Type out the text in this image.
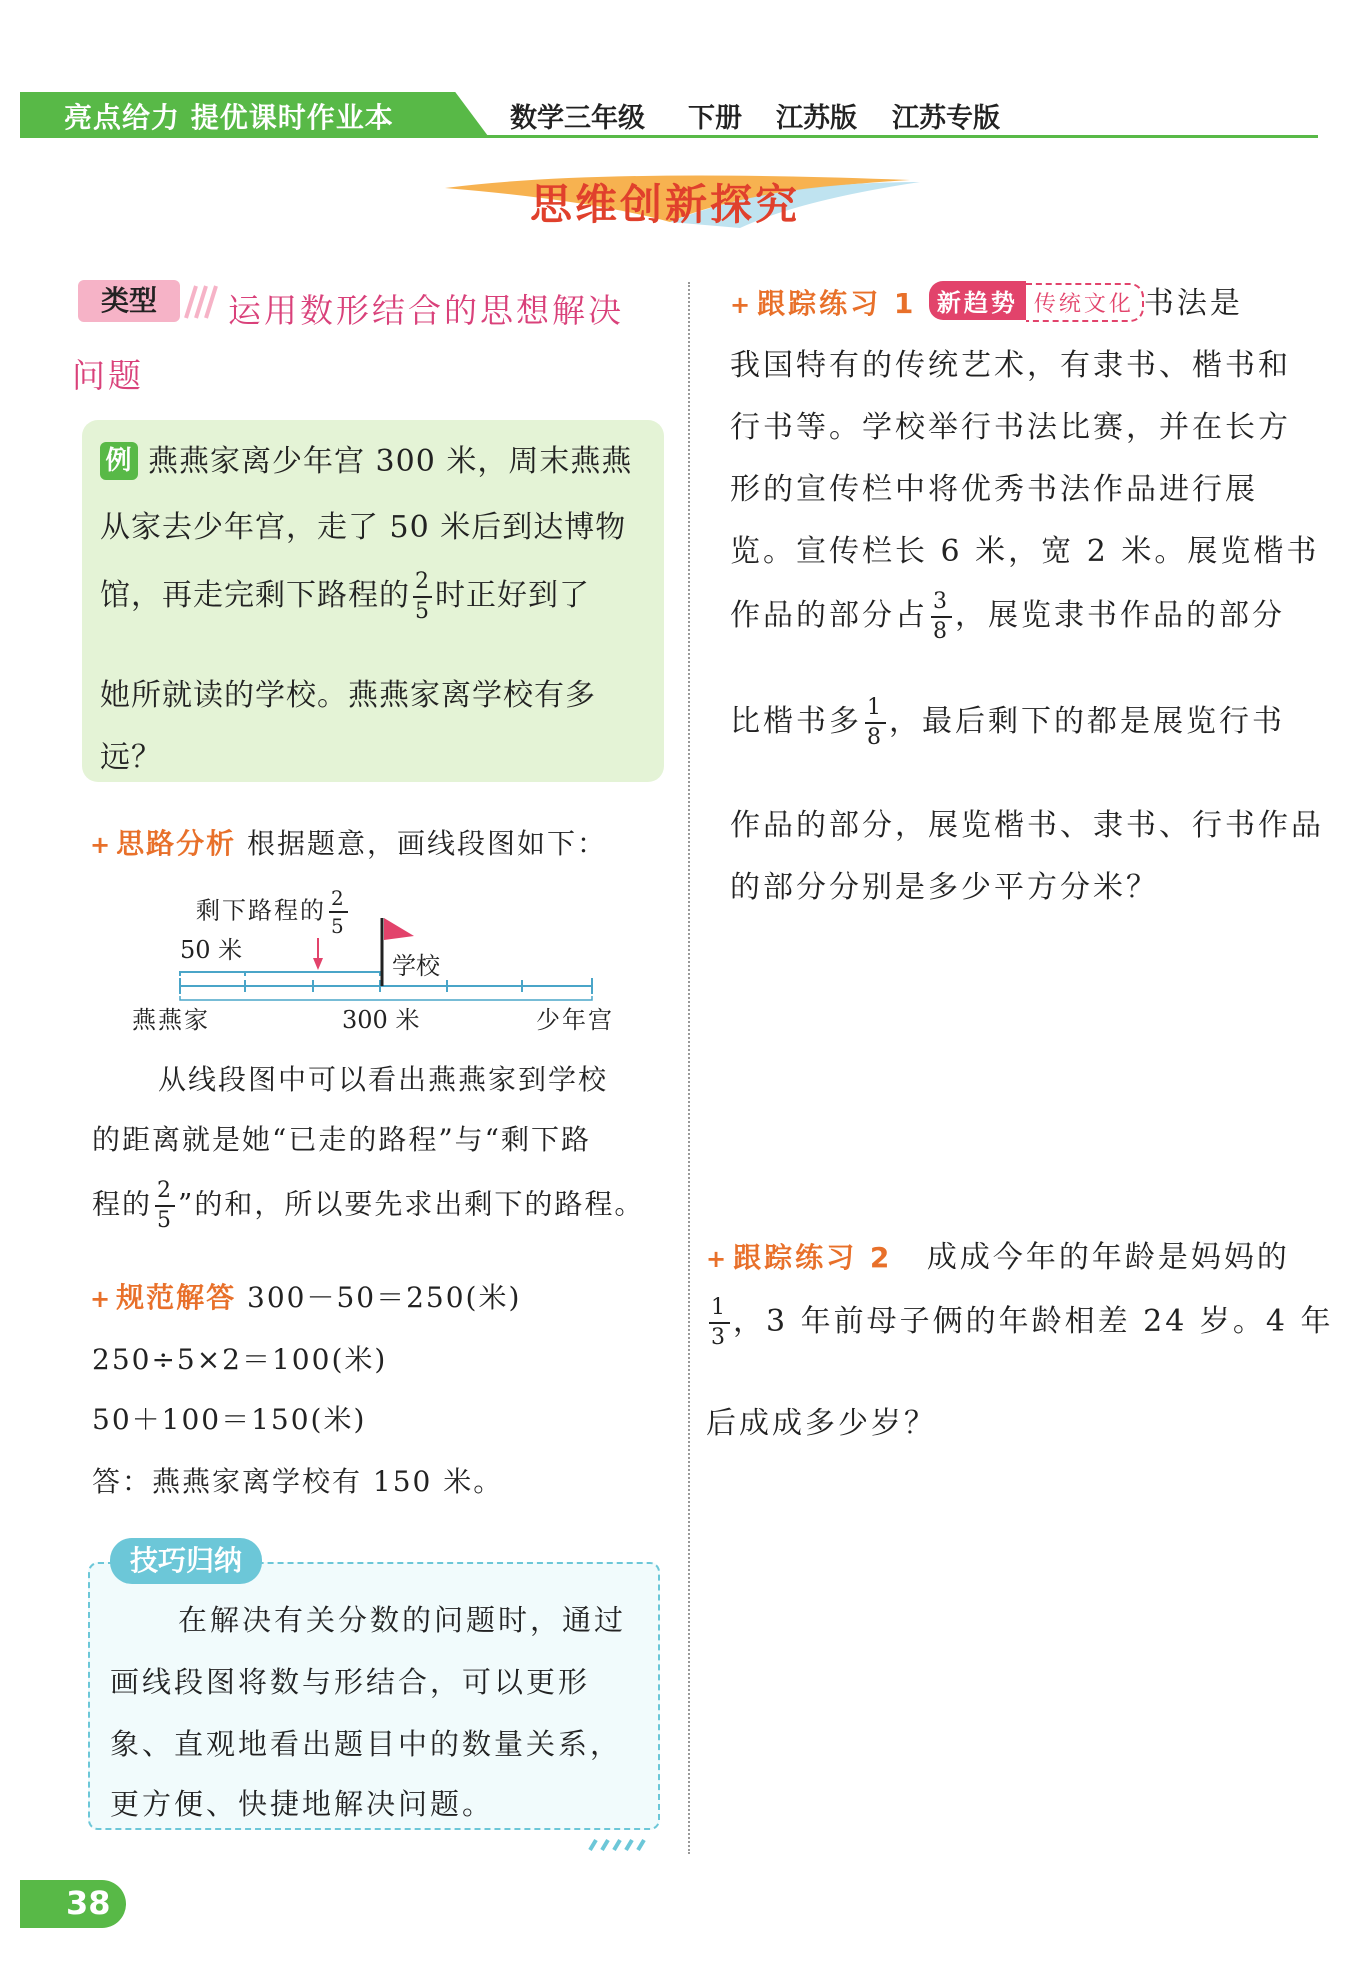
亮点给力 提优课时作业本	数学三年级 下册 江苏版 江苏专版
思维创新探究
类型	运用数形结合的思想解决
问题
例 燕燕家离少年宫 300 米，周末燕燕
从家去少年宫，走了 50 米后到达博物
馆，再走完剩下路程的 $\frac{2}{5}$ 时正好到了
她所就读的学校。燕燕家离学校有多
远？
+ 思路分析 根据题意，画线段图如下：
剩下路程的 $\frac{2}{5}$
50 米
学校
燕燕家	300 米	少年宫
从线段图中可以看出燕燕家到学校
的距离就是她“已走的路程”与“剩下路
程的 $\frac{2}{5}$ ”的和，所以要先求出剩下的路程。
+ 规范解答 300－50＝250(米)
250÷5×2＝100(米)
50＋100＝150(米)
答：燕燕家离学校有 150 米。
技巧归纳
在解决有关分数的问题时，通过
画线段图将数与形结合，可以更形
象、直观地看出题目中的数量关系，
更方便、快捷地解决问题。
+ 跟踪练习 1 新趋势 传统文化 书法是
我国特有的传统艺术，有隶书、楷书和
行书等。学校举行书法比赛，并在长方
形的宣传栏中将优秀书法作品进行展
览。宣传栏长 6 米，宽 2 米。展览楷书
作品的部分占 $\frac{3}{8}$ ，展览隶书作品的部分
比楷书多 $\frac{1}{8}$ ，最后剩下的都是展览行书
作品的部分，展览楷书、隶书、行书作品
的部分分别是多少平方分米？
+ 跟踪练习 2 成成今年的年龄是妈妈的
$\frac{1}{3}$ ，3 年前母子俩的年龄相差 24 岁。4 年
后成成多少岁？
38
